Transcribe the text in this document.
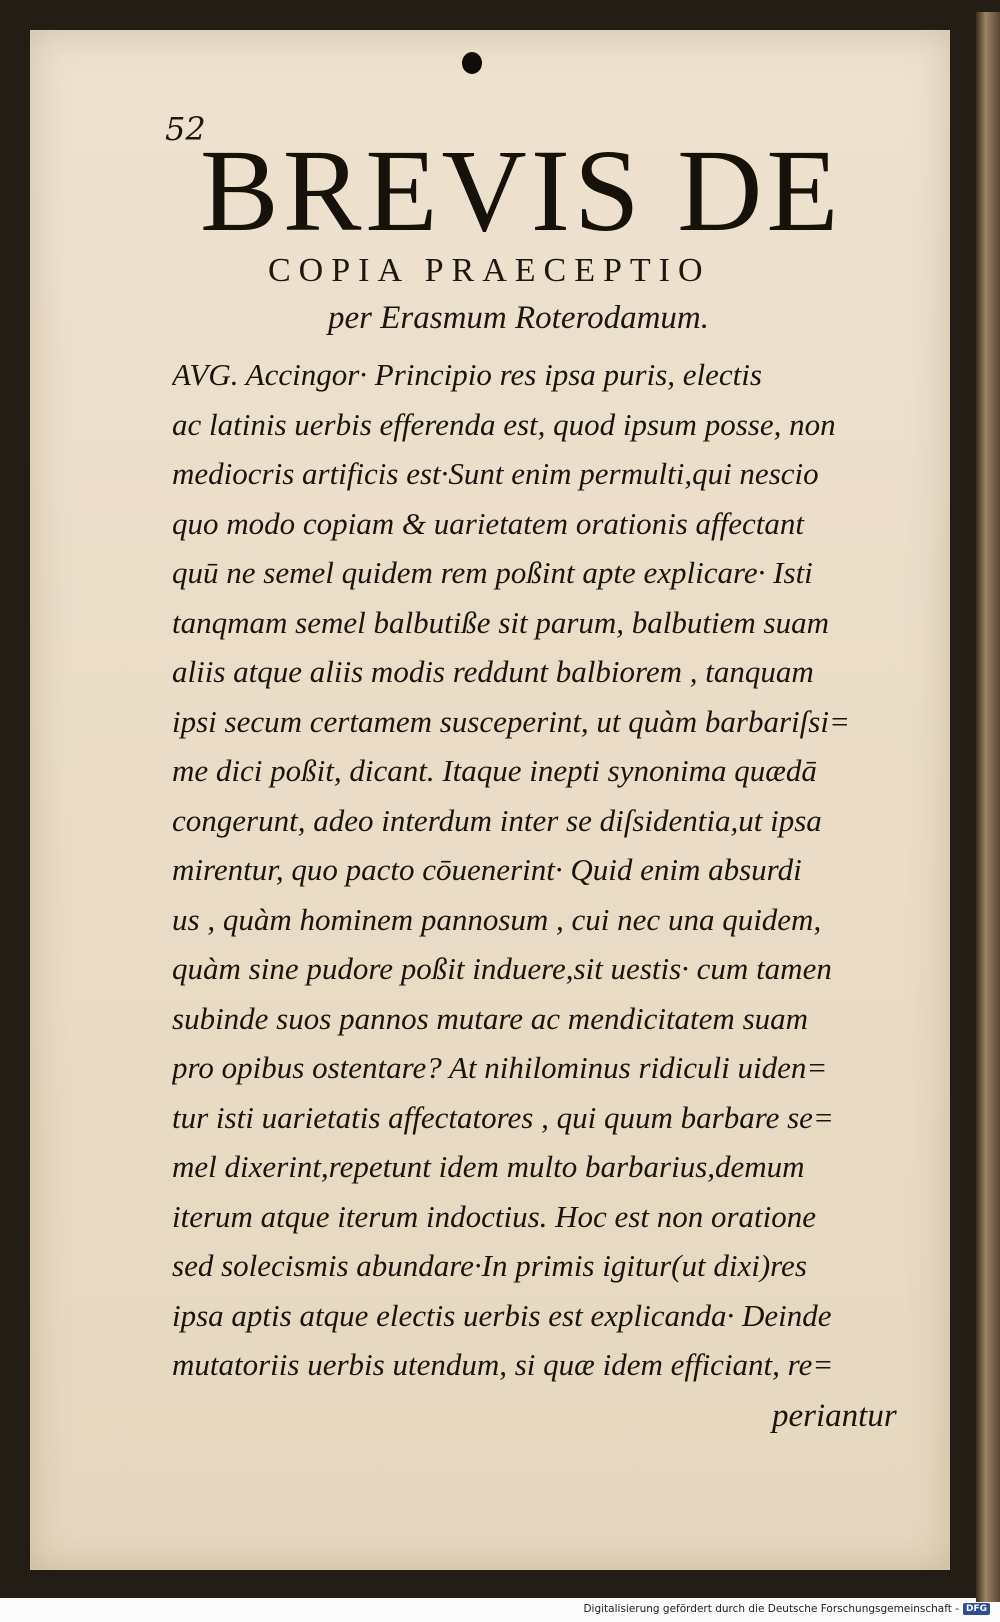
52
BREVIS DE
COPIA PRAECEPTIO
per Erasmum Roterodamum.
AVG. Accingor· Principio res ipsa puris, electis
ac latinis uerbis efferenda est, quod ipsum posse, non
mediocris artificis est·Sunt enim permulti,qui nescio
quo modo copiam & uarietatem orationis affectant
quū ne semel quidem rem poßint apte explicare· Isti
tanqmam semel balbutiße sit parum, balbutiem suam
aliis atque aliis modis reddunt balbiorem , tanquam
ipsi secum certamem susceperint, ut quàm barbariſsi=
me dici poßit, dicant. Itaque inepti synonima quædā
congerunt, adeo interdum inter se diſsidentia,ut ipsa
mirentur, quo pacto cōuenerint· Quid enim absurdi
us , quàm hominem pannosum , cui nec una quidem,
quàm sine pudore poßit induere,sit uestis· cum tamen
subinde suos pannos mutare ac mendicitatem suam
pro opibus ostentare? At nihilominus ridiculi uiden=
tur isti uarietatis affectatores , qui quum barbare se=
mel dixerint,repetunt idem multo barbarius,demum
iterum atque iterum indoctius. Hoc est non oratione
sed solecismis abundare·In primis igitur(ut dixi)res
ipsa aptis atque electis uerbis est explicanda· Deinde
mutatoriis uerbis utendum, si quæ idem efficiant, re=
periantur
Digitalisierung gefördert durch die Deutsche Forschungsgemeinschaft - DFG
